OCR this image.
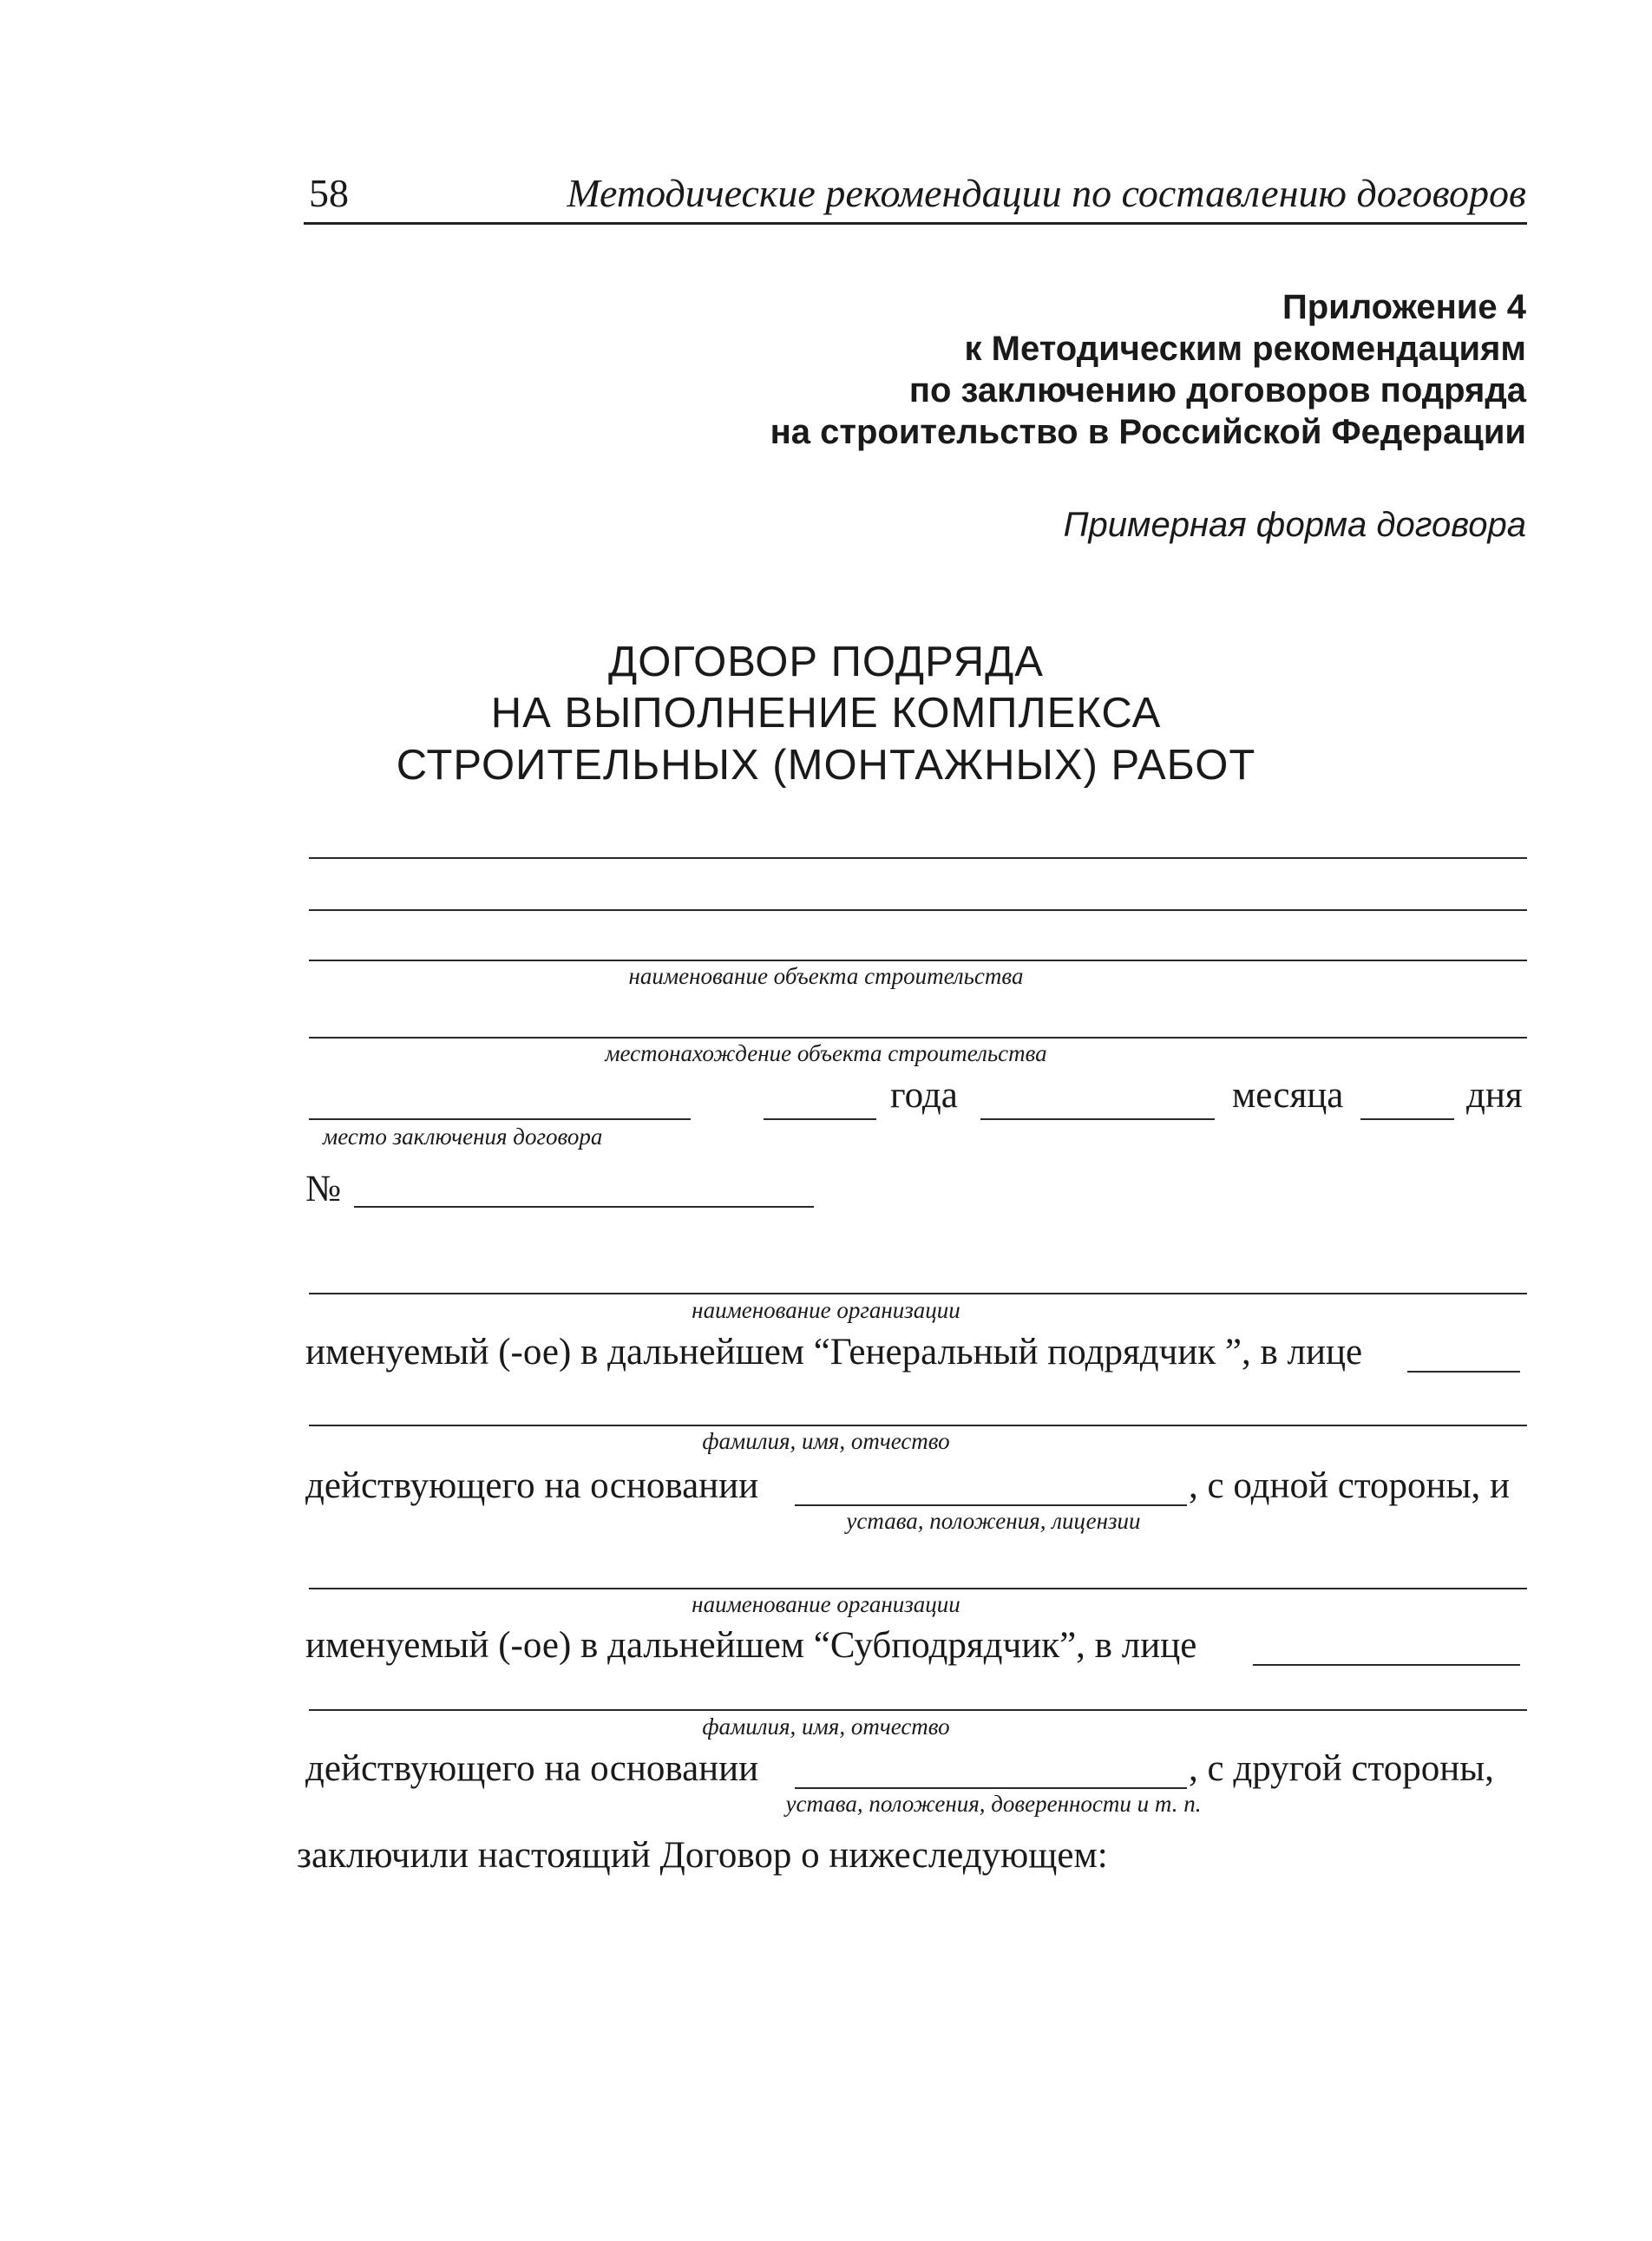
58	Методические рекомендации по составлению договоров
Приложение 4
к Методическим рекомендациям
по заключению договоров подряда
на строительство в Российской Федерации
Примерная форма договора
ДОГОВОР ПОДРЯДА
НА ВЫПОЛНЕНИЕ КОМПЛЕКСА
СТРОИТЕЛЬНЫХ (МОНТАЖНЫХ) РАБОТ
наименование объекта строительства
местонахождение объекта строительства
место заключения договора
года	месяца	дня
№
наименование организации
именуемый (-ое) в дальнейшем “Генеральный подрядчик ”, в лице
фамилия, имя, отчество
действующего на основании	, с одной стороны, и
устава, положения, лицензии
наименование организации
именуемый (-ое) в дальнейшем “Субподрядчик”, в лице
фамилия, имя, отчество
действующего на основании	, с другой стороны,
устава, положения, доверенности и т. п.
заключили настоящий Договор о нижеследующем:
